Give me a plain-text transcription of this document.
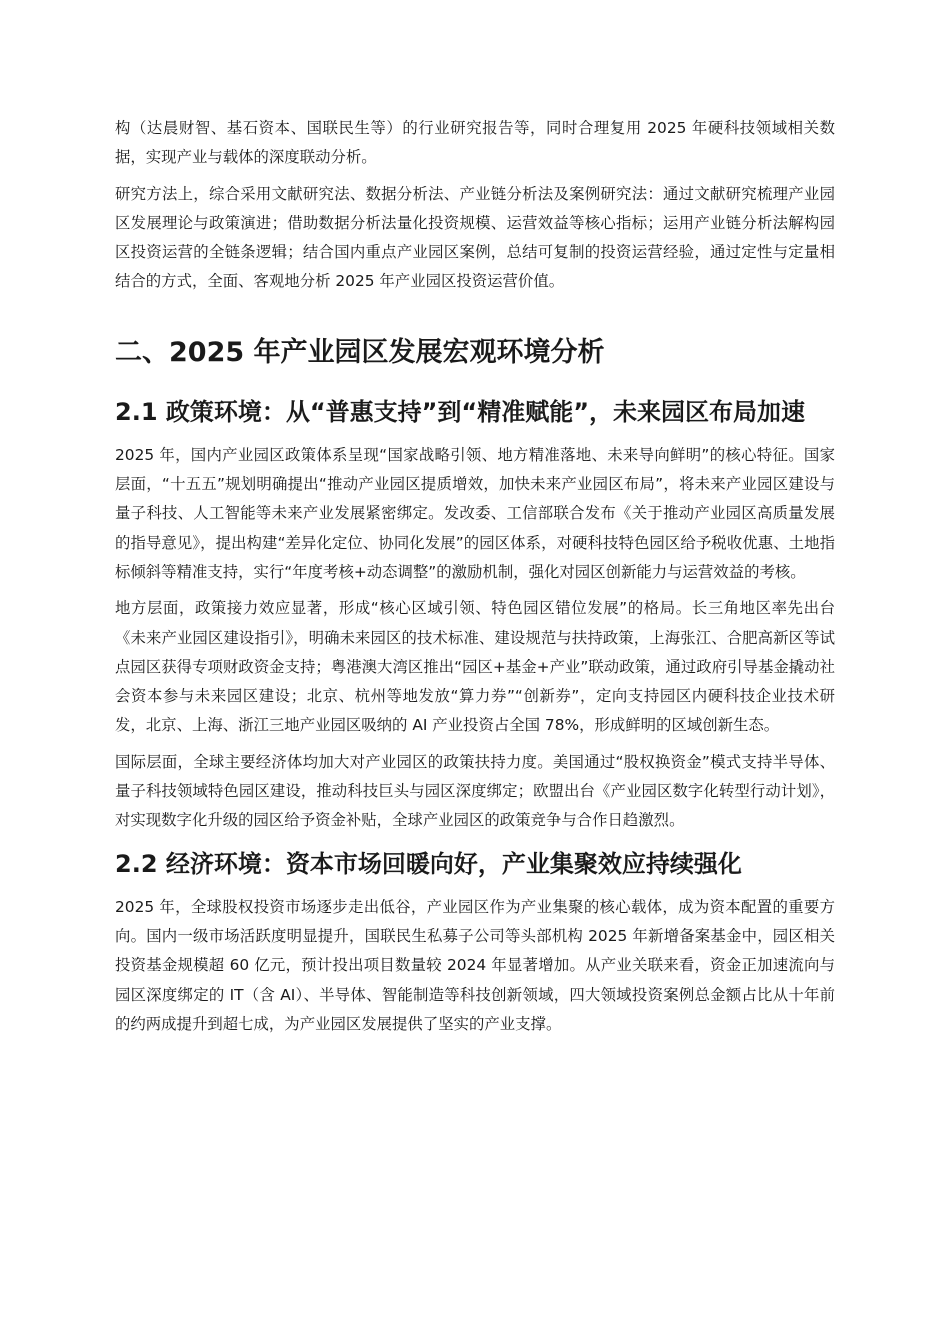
构（达晨财智、基石资本、国联民生等）的行业研究报告等，同时合理复用 2025 年硬科技领域相关数据，实现产业与载体的深度联动分析。

研究方法上，综合采用文献研究法、数据分析法、产业链分析法及案例研究法：通过文献研究梳理产业园区发展理论与政策演进；借助数据分析法量化投资规模、运营效益等核心指标；运用产业链分析法解构园区投资运营的全链条逻辑；结合国内重点产业园区案例，总结可复制的投资运营经验，通过定性与定量相结合的方式，全面、客观地分析 2025 年产业园区投资运营价值。

二、2025 年产业园区发展宏观环境分析
2.1 政策环境：从“普惠支持”到“精准赋能”，未来园区布局加速

2025 年，国内产业园区政策体系呈现“国家战略引领、地方精准落地、未来导向鲜明”的核心特征。国家层面，“十五五”规划明确提出“推动产业园区提质增效，加快未来产业园区布局”，将未来产业园区建设与量子科技、人工智能等未来产业发展紧密绑定。发改委、工信部联合发布《关于推动产业园区高质量发展的指导意见》，提出构建“差异化定位、协同化发展”的园区体系，对硬科技特色园区给予税收优惠、土地指标倾斜等精准支持，实行“年度考核+动态调整”的激励机制，强化对园区创新能力与运营效益的考核。

地方层面，政策接力效应显著，形成“核心区域引领、特色园区错位发展”的格局。长三角地区率先出台《未来产业园区建设指引》，明确未来园区的技术标准、建设规范与扶持政策，上海张江、合肥高新区等试点园区获得专项财政资金支持；粤港澳大湾区推出“园区+基金+产业”联动政策，通过政府引导基金撬动社会资本参与未来园区建设；北京、杭州等地发放“算力券”“创新券”，定向支持园区内硬科技企业技术研发，北京、上海、浙江三地产业园区吸纳的 AI 产业投资占全国 78%，形成鲜明的区域创新生态。

国际层面，全球主要经济体均加大对产业园区的政策扶持力度。美国通过“股权换资金”模式支持半导体、量子科技领域特色园区建设，推动科技巨头与园区深度绑定；欧盟出台《产业园区数字化转型行动计划》，对实现数字化升级的园区给予资金补贴，全球产业园区的政策竞争与合作日趋激烈。

2.2 经济环境：资本市场回暖向好，产业集聚效应持续强化

2025 年，全球股权投资市场逐步走出低谷，产业园区作为产业集聚的核心载体，成为资本配置的重要方向。国内一级市场活跃度明显提升，国联民生私募子公司等头部机构 2025 年新增备案基金中，园区相关投资基金规模超 60 亿元，预计投出项目数量较 2024 年显著增加。从产业关联来看，资金正加速流向与园区深度绑定的 IT（含 AI）、半导体、智能制造等科技创新领域，四大领域投资案例总金额占比从十年前的约两成提升到超七成，为产业园区发展提供了坚实的产业支撑。
